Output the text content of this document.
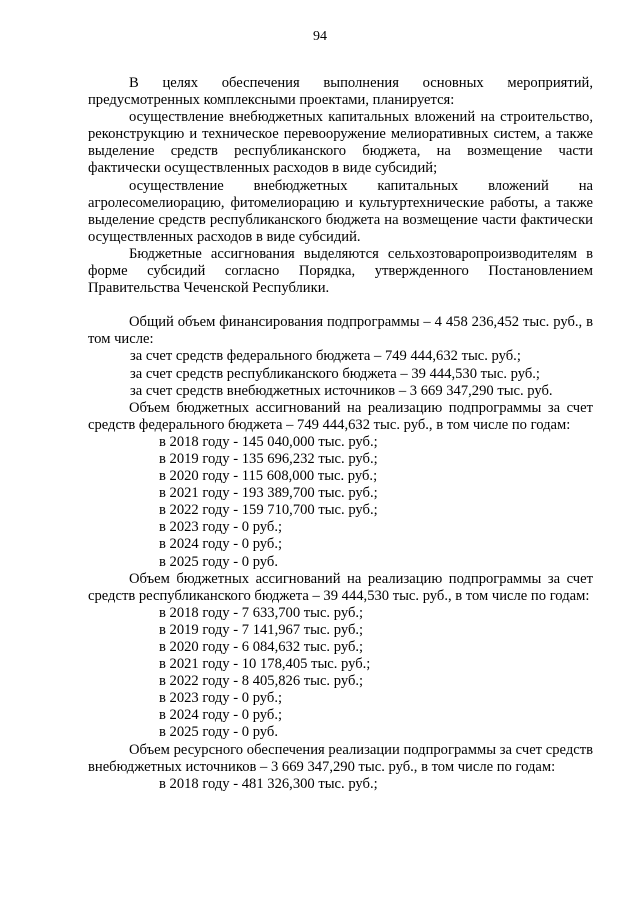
94

В целях обеспечения выполнения основных мероприятий, предусмотренных комплексными проектами, планируется:

осуществление внебюджетных капитальных вложений на строительство, реконструкцию и техническое перевооружение мелиоративных систем, а также выделение средств республиканского бюджета, на возмещение части фактически осуществленных расходов в виде субсидий;

осуществление внебюджетных капитальных вложений на агролесомелиорацию, фитомелиорацию и культуртехнические работы, а также выделение средств республиканского бюджета на возмещение части фактически осуществленных расходов в виде субсидий.

Бюджетные ассигнования выделяются сельхозтоваропроизводителям в форме субсидий согласно Порядка, утвержденного Постановлением Правительства Чеченской Республики.

Общий объем финансирования подпрограммы – 4 458 236,452 тыс. руб., в том числе:

за счет средств федерального бюджета – 749 444,632 тыс. руб.;

за счет средств республиканского бюджета – 39 444,530 тыс. руб.;

за счет средств внебюджетных источников – 3 669 347,290 тыс. руб.

Объем бюджетных ассигнований на реализацию подпрограммы за счет средств федерального бюджета – 749 444,632 тыс. руб., в том числе по годам:

в 2018 году - 145 040,000 тыс. руб.;

в 2019 году - 135 696,232 тыс. руб.;

в 2020 году - 115 608,000 тыс. руб.;

в 2021 году - 193 389,700 тыс. руб.;

в 2022 году - 159 710,700 тыс. руб.;

в 2023 году - 0 руб.;

в 2024 году - 0 руб.;

в 2025 году - 0 руб.

Объем бюджетных ассигнований на реализацию подпрограммы за счет средств республиканского бюджета – 39 444,530 тыс. руб., в том числе по годам:

в 2018 году - 7 633,700 тыс. руб.;

в 2019 году - 7 141,967 тыс. руб.;

в 2020 году - 6 084,632 тыс. руб.;

в 2021 году - 10 178,405 тыс. руб.;

в 2022 году - 8 405,826 тыс. руб.;

в 2023 году - 0 руб.;

в 2024 году - 0 руб.;

в 2025 году - 0 руб.

Объем ресурсного обеспечения реализации подпрограммы за счет средств внебюджетных источников – 3 669 347,290 тыс. руб., в том числе по годам:

в 2018 году - 481 326,300 тыс. руб.;
